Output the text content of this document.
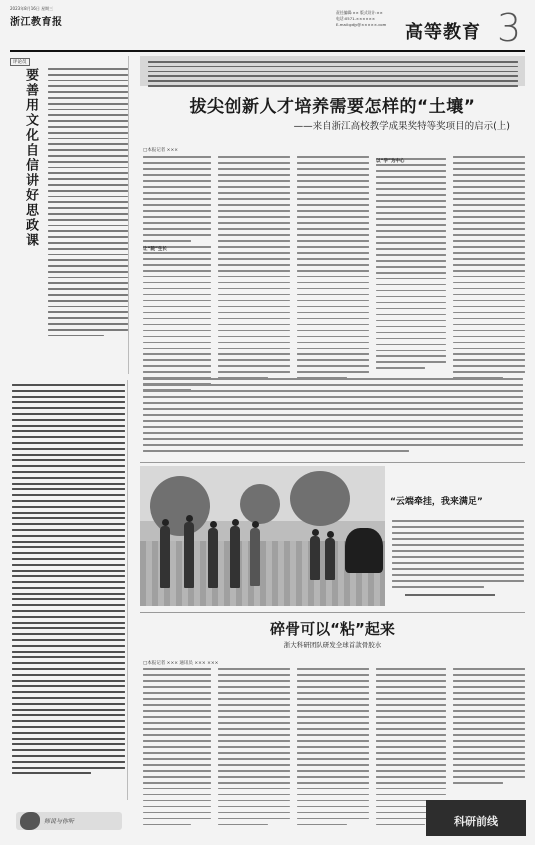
2023年8月16日 星期三
浙江教育报
责任编辑:×× 版式设计:××
电话:0571-××××××
E-mail:gdjy@×××××.com	高等教育 3
评论员
要善用文化自信讲好思政课
师说与你听
拔尖创新人才培养需要怎样的“土壤”
——来自浙江高校教学成果奖特等奖项目的启示(上)
□本报记者 ×××
让“院”生长
以“学”为中心
“云端牵挂，我来满足”
碎骨可以“粘”起来
浙大科研团队研发全球首款骨胶水
□本报记者 ××× 通讯员 ××× ×××
科研前线
